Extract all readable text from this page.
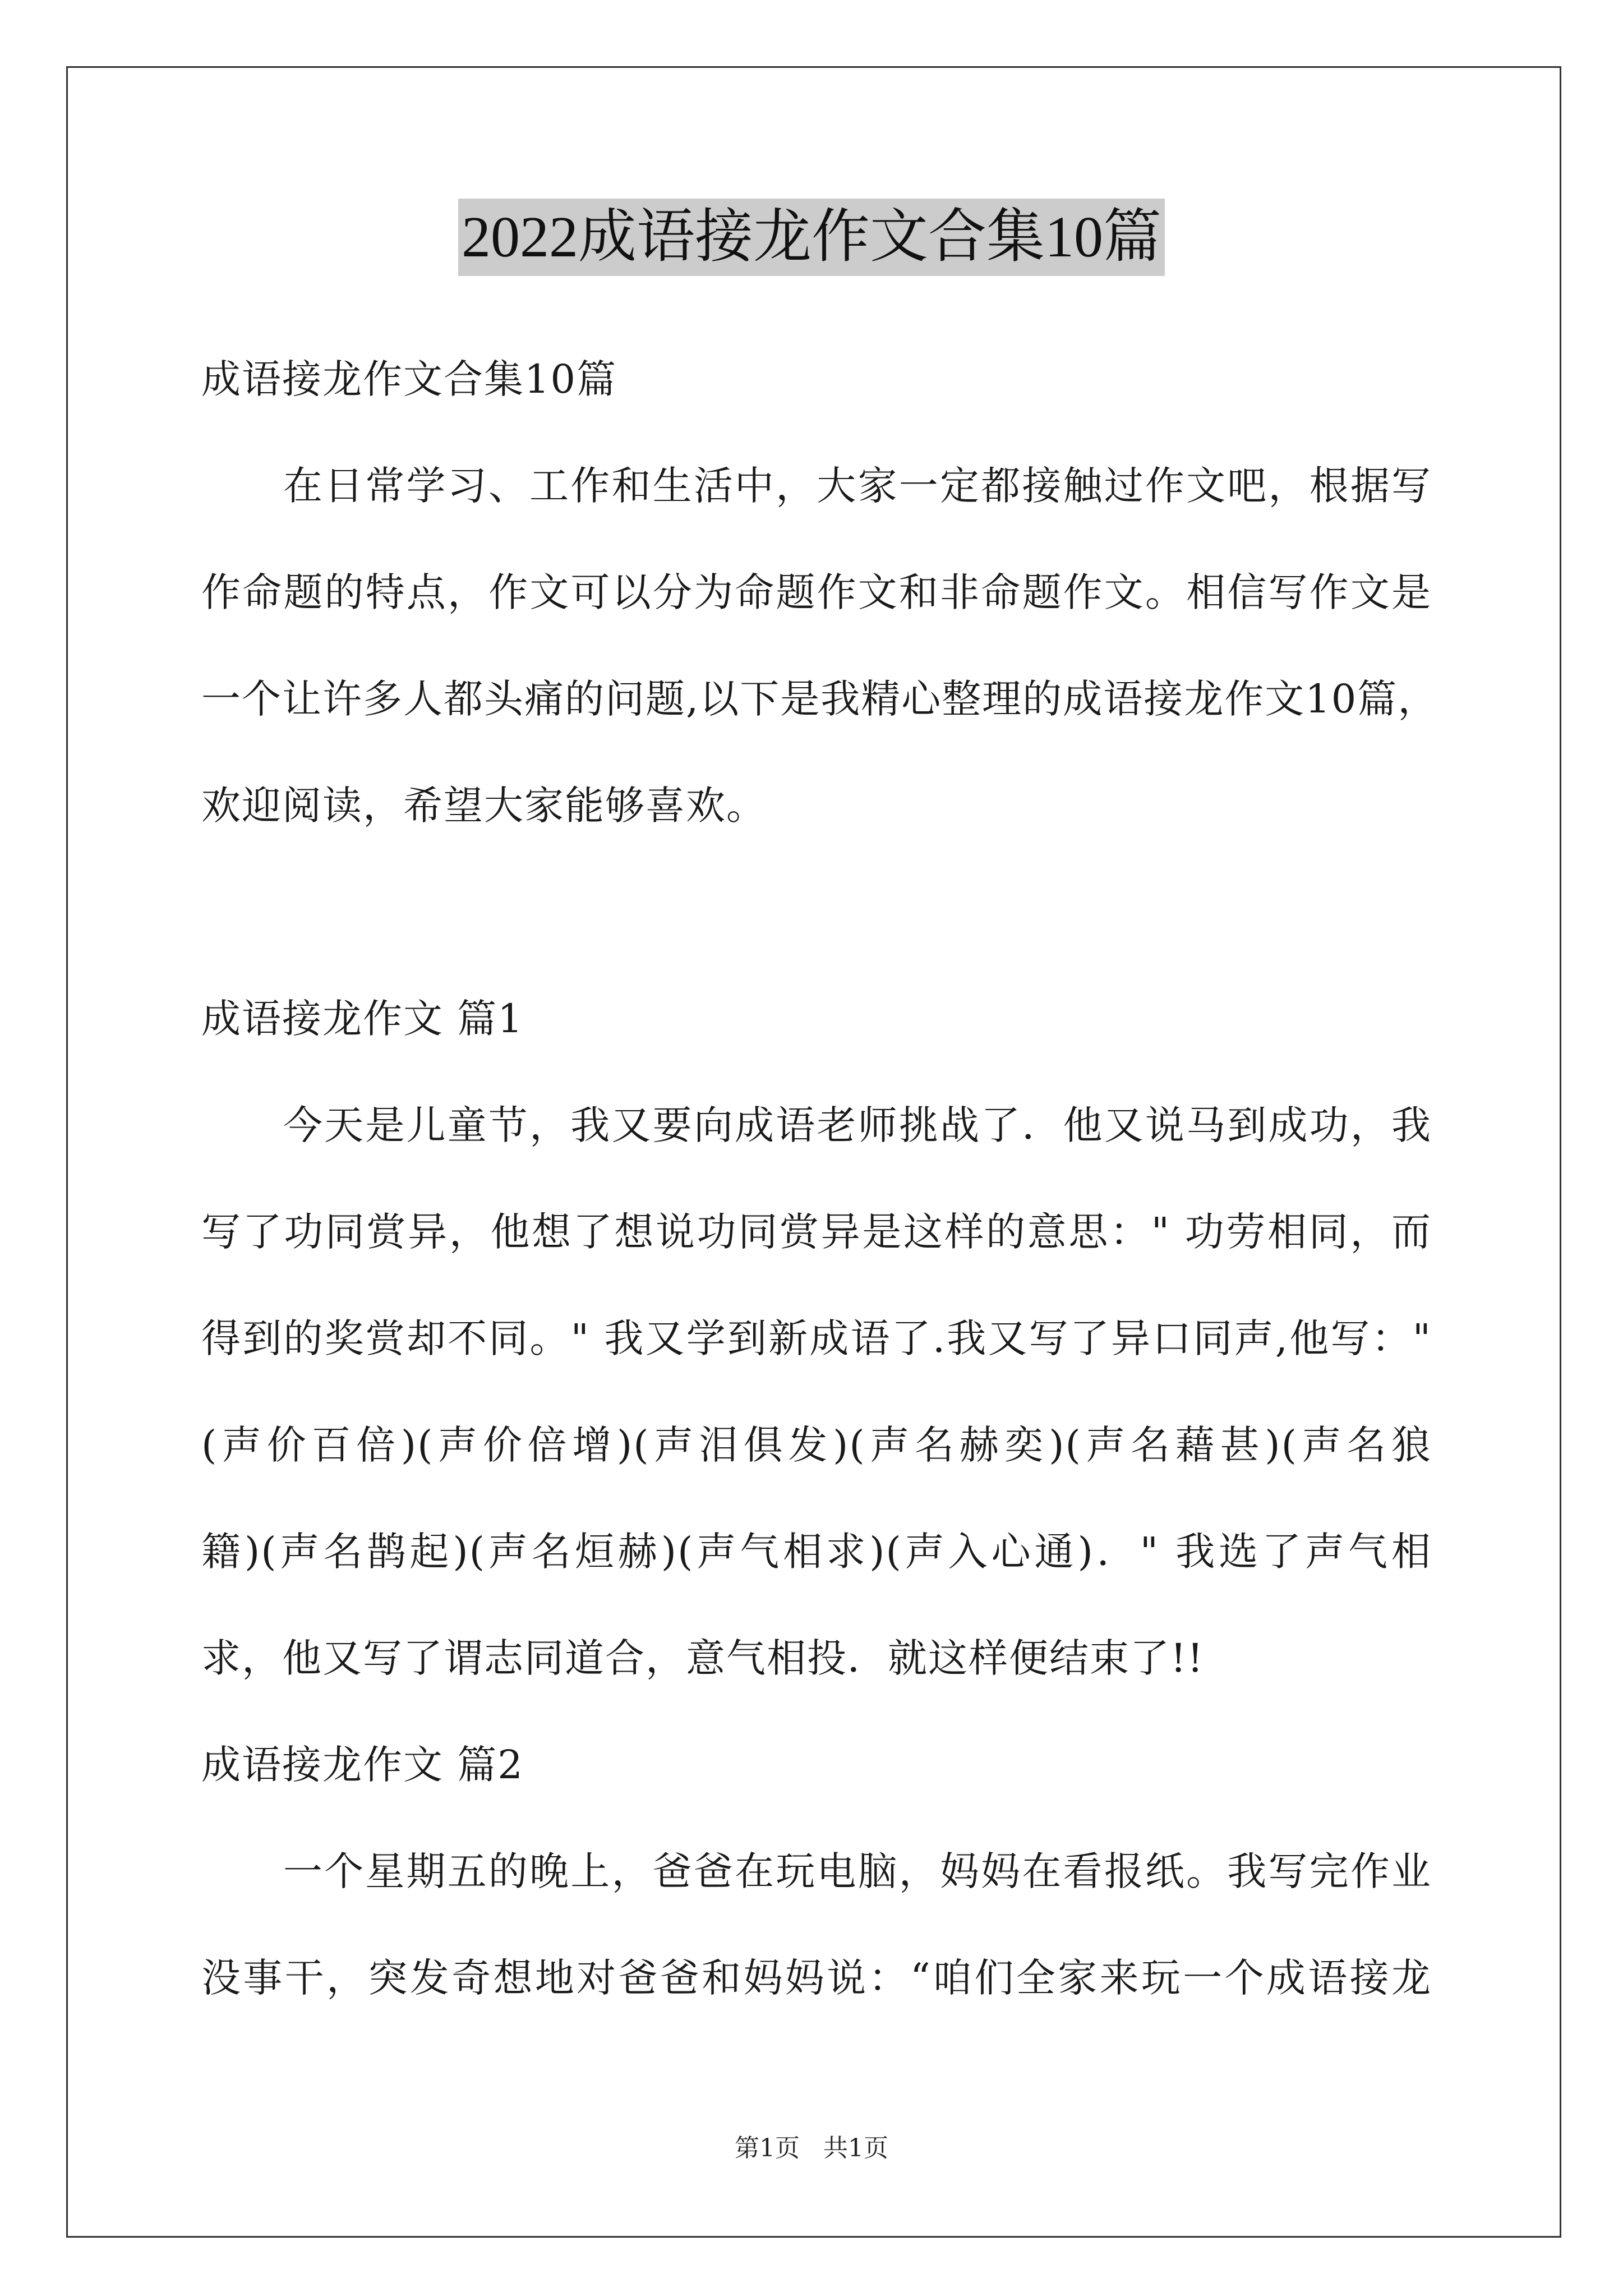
2022成语接龙作文合集10篇
成语接龙作文合集10篇
在日常学习、工作和生活中，大家一定都接触过作文吧，根据写
作命题的特点，作文可以分为命题作文和非命题作文。相信写作文是
一个让许多人都头痛的问题,以下是我精心整理的成语接龙作文10篇，
欢迎阅读，希望大家能够喜欢。
成语接龙作文 篇1
今天是儿童节，我又要向成语老师挑战了．他又说马到成功，我
写了功同赏异，他想了想说功同赏异是这样的意思：" 功劳相同，而
得到的奖赏却不同。" 我又学到新成语了.我又写了异口同声,他写："
(声价百倍)(声价倍增)(声泪俱发)(声名赫奕)(声名藉甚)(声名狼
籍)(声名鹊起)(声名烜赫)(声气相求)(声入心通)．" 我选了声气相
求，他又写了谓志同道合，意气相投．就这样便结束了!!
成语接龙作文 篇2
一个星期五的晚上，爸爸在玩电脑，妈妈在看报纸。我写完作业
没事干，突发奇想地对爸爸和妈妈说：“咱们全家来玩一个成语接龙
第1页   共1页
